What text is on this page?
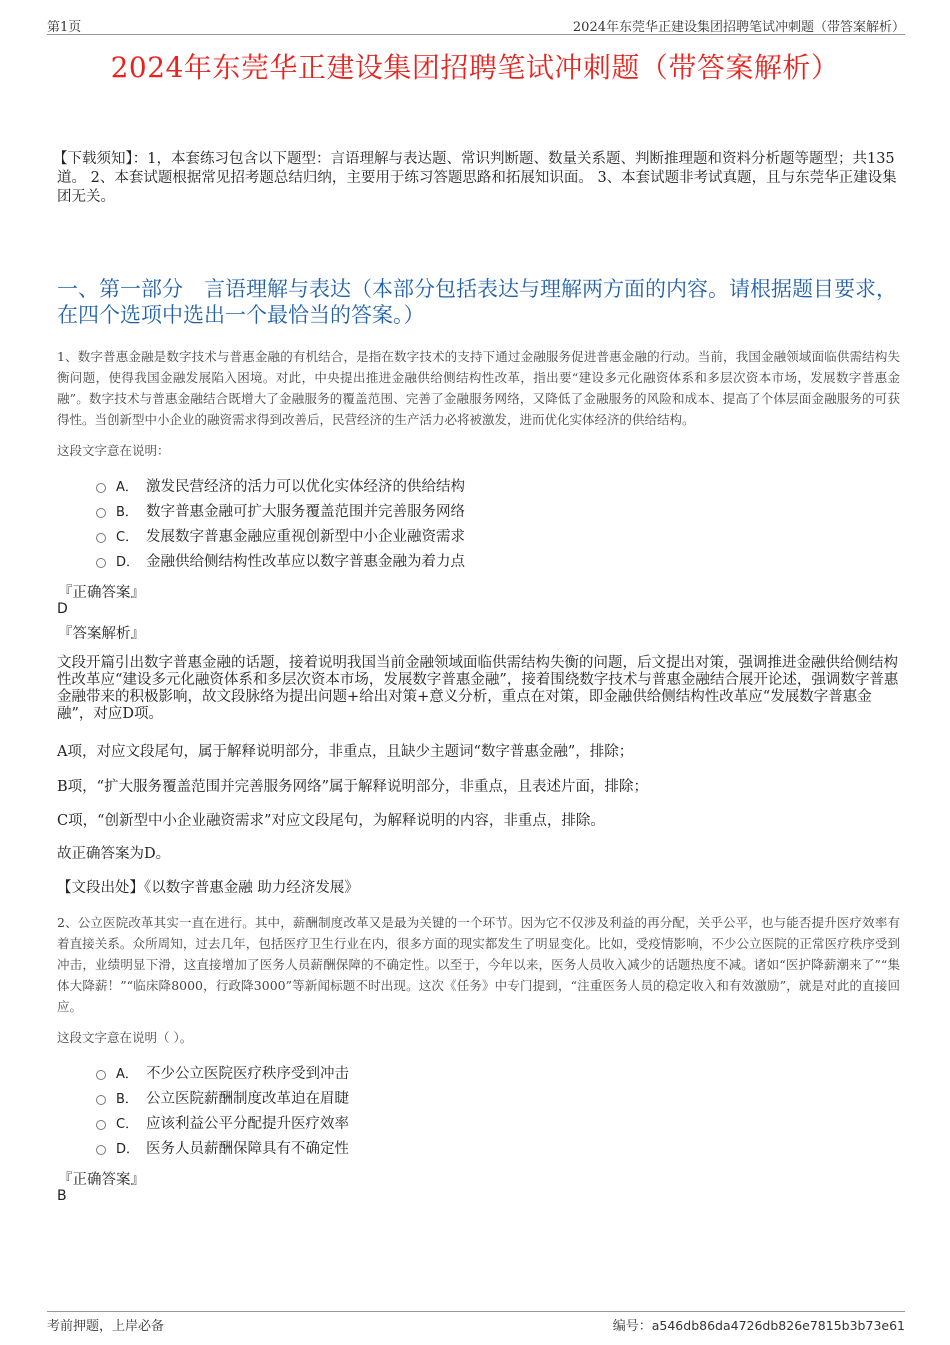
第1页	2024年东莞华正建设集团招聘笔试冲刺题（带答案解析）
2024年东莞华正建设集团招聘笔试冲刺题（带答案解析）
【下载须知】：1，本套练习包含以下题型：言语理解与表达题、常识判断题、数量关系题、判断推理题和资料分析题等题型；共135道。 2、本套试题根据常见招考题总结归纳，主要用于练习答题思路和拓展知识面。 3、本套试题非考试真题，且与东莞华正建设集团无关。
一、第一部分　言语理解与表达（本部分包括表达与理解两方面的内容。请根据题目要求，在四个选项中选出一个最恰当的答案。）
1、数字普惠金融是数字技术与普惠金融的有机结合，是指在数字技术的支持下通过金融服务促进普惠金融的行动。当前，我国金融领域面临供需结构失衡问题，使得我国金融发展陷入困境。对此，中央提出推进金融供给侧结构性改革，指出要“建设多元化融资体系和多层次资本市场，发展数字普惠金融”。数字技术与普惠金融结合既增大了金融服务的覆盖范围、完善了金融服务网络，又降低了金融服务的风险和成本、提高了个体层面金融服务的可获得性。当创新型中小企业的融资需求得到改善后，民营经济的生产活力必将被激发，进而优化实体经济的供给结构。
这段文字意在说明：
A． 激发民营经济的活力可以优化实体经济的供给结构
B． 数字普惠金融可扩大服务覆盖范围并完善服务网络
C． 发展数字普惠金融应重视创新型中小企业融资需求
D． 金融供给侧结构性改革应以数字普惠金融为着力点
『正确答案』
D
『答案解析』
文段开篇引出数字普惠金融的话题，接着说明我国当前金融领域面临供需结构失衡的问题，后文提出对策，强调推进金融供给侧结构性改革应“建设多元化融资体系和多层次资本市场，发展数字普惠金融”，接着围绕数字技术与普惠金融结合展开论述，强调数字普惠金融带来的积极影响，故文段脉络为提出问题+给出对策+意义分析，重点在对策，即金融供给侧结构性改革应“发展数字普惠金融”，对应D项。
A项，对应文段尾句，属于解释说明部分，非重点，且缺少主题词“数字普惠金融”，排除；
B项，“扩大服务覆盖范围并完善服务网络”属于解释说明部分，非重点，且表述片面，排除；
C项，“创新型中小企业融资需求”对应文段尾句，为解释说明的内容，非重点，排除。
故正确答案为D。
【文段出处】《以数字普惠金融 助力经济发展》
2、公立医院改革其实一直在进行。其中，薪酬制度改革又是最为关键的一个环节。因为它不仅涉及利益的再分配，关乎公平，也与能否提升医疗效率有着直接关系。众所周知，过去几年，包括医疗卫生行业在内，很多方面的现实都发生了明显变化。比如，受疫情影响，不少公立医院的正常医疗秩序受到冲击，业绩明显下滑，这直接增加了医务人员薪酬保障的不确定性。以至于，今年以来，医务人员收入减少的话题热度不减。诸如“医护降薪潮来了”“集体大降薪！”“临床降8000，行政降3000”等新闻标题不时出现。这次《任务》中专门提到，“注重医务人员的稳定收入和有效激励”，就是对此的直接回应。
这段文字意在说明（ ）。
A． 不少公立医院医疗秩序受到冲击
B． 公立医院薪酬制度改革迫在眉睫
C． 应该利益公平分配提升医疗效率
D． 医务人员薪酬保障具有不确定性
『正确答案』
B
考前押题，上岸必备	编号：a546db86da4726db826e7815b3b73e61
